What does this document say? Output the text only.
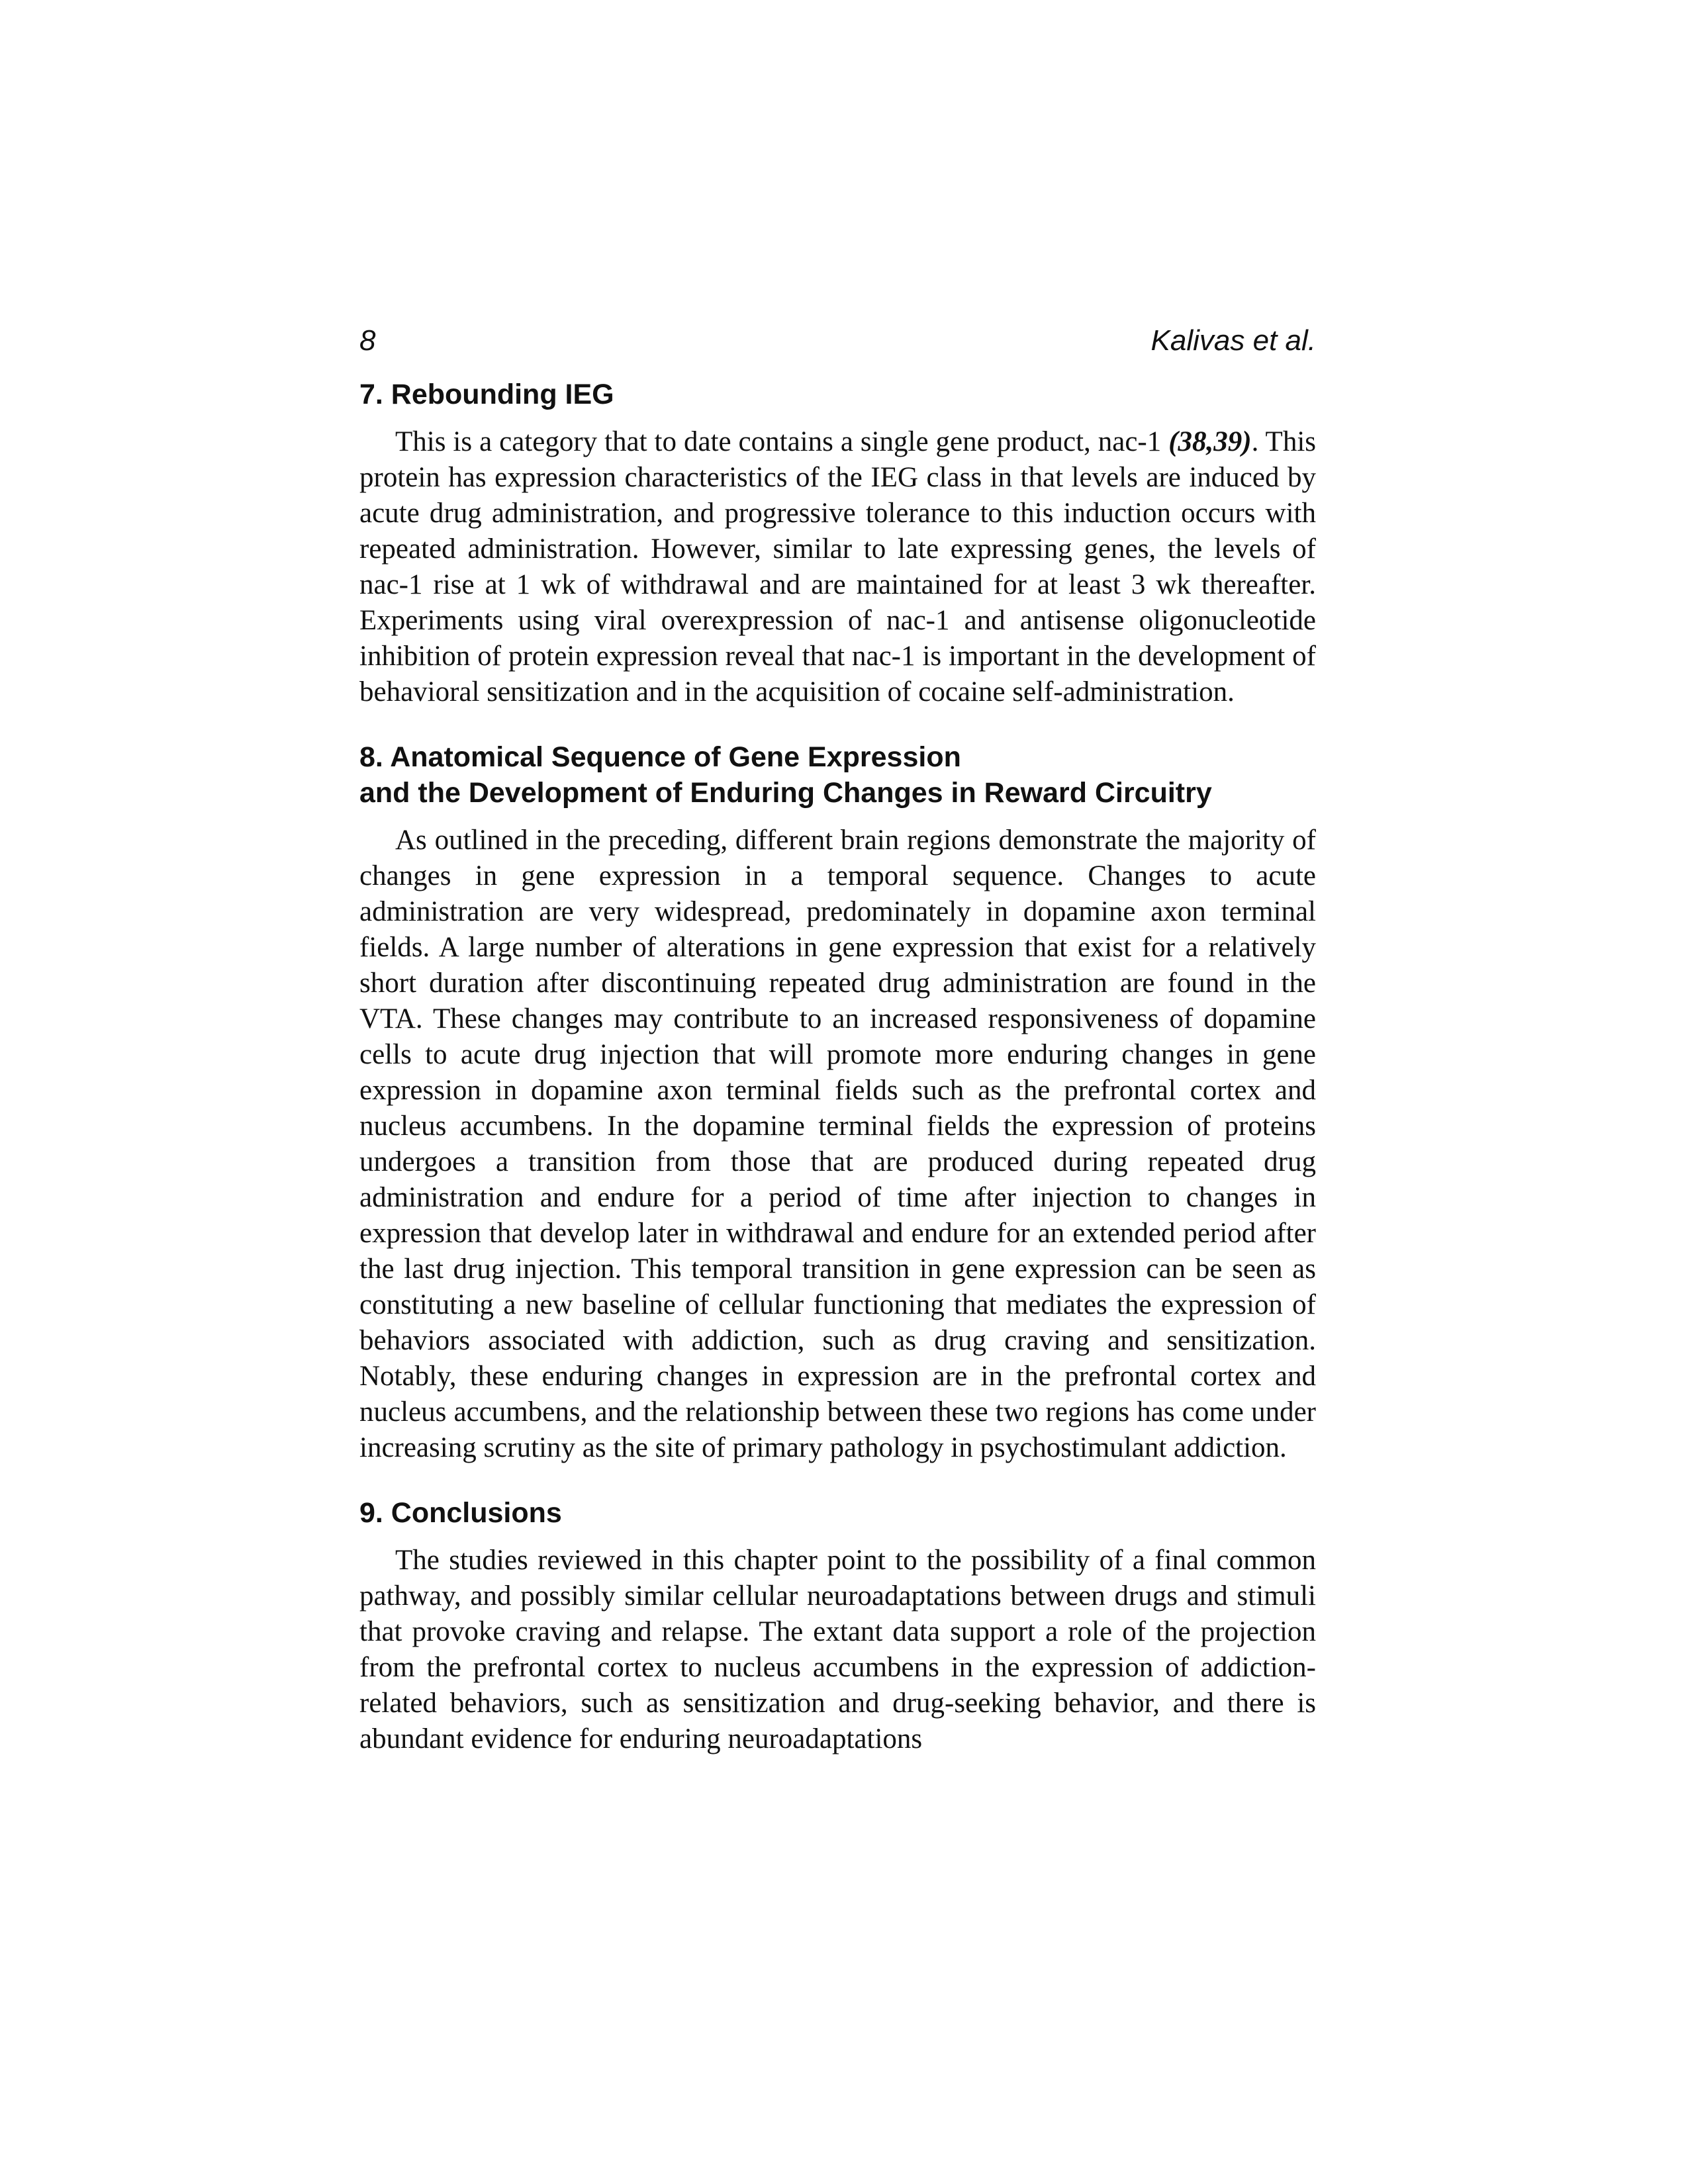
8	Kalivas et al.
7. Rebounding IEG

This is a category that to date contains a single gene product, nac-1 (38,39). This protein has expression characteristics of the IEG class in that levels are induced by acute drug administration, and progressive tolerance to this induction occurs with repeated administration. However, similar to late expressing genes, the levels of nac-1 rise at 1 wk of withdrawal and are maintained for at least 3 wk thereafter. Experiments using viral overexpression of nac-1 and antisense oligonucleotide inhibition of protein expression reveal that nac-1 is important in the development of behavioral sensitization and in the acquisition of cocaine self-administration.

8. Anatomical Sequence of Gene Expression
and the Development of Enduring Changes in Reward Circuitry

As outlined in the preceding, different brain regions demonstrate the majority of changes in gene expression in a temporal sequence. Changes to acute administration are very widespread, predominately in dopamine axon terminal fields. A large number of alterations in gene expression that exist for a relatively short duration after discontinuing repeated drug administration are found in the VTA. These changes may contribute to an increased responsiveness of dopamine cells to acute drug injection that will promote more enduring changes in gene expression in dopamine axon terminal fields such as the prefrontal cortex and nucleus accumbens. In the dopamine terminal fields the expression of proteins undergoes a transition from those that are produced during repeated drug administration and endure for a period of time after injection to changes in expression that develop later in withdrawal and endure for an extended period after the last drug injection. This temporal transition in gene expression can be seen as constituting a new baseline of cellular functioning that mediates the expression of behaviors associated with addiction, such as drug craving and sensitization. Notably, these enduring changes in expression are in the prefrontal cortex and nucleus accumbens, and the relationship between these two regions has come under increasing scrutiny as the site of primary pathology in psychostimulant addiction.

9. Conclusions

The studies reviewed in this chapter point to the possibility of a final common pathway, and possibly similar cellular neuroadaptations between drugs and stimuli that provoke craving and relapse. The extant data support a role of the projection from the prefrontal cortex to nucleus accumbens in the expression of addiction-related behaviors, such as sensitization and drug-seeking behavior, and there is abundant evidence for enduring neuroadaptations
